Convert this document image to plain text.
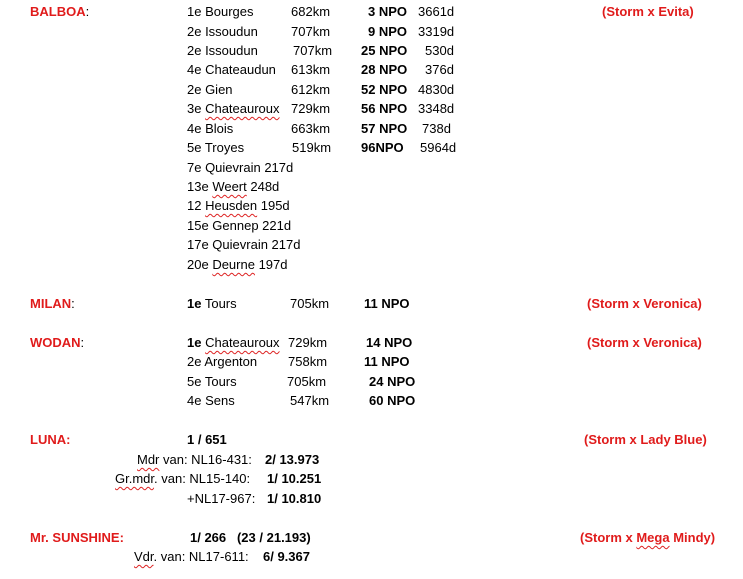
BALBOA:	(Storm x Evita)
1e Bourges	682km	3 NPO 3661d
2e Issoudun	707km	9 NPO 3319d
2e Issoudun	707km 25 NPO 530d
4e Chateaudun 613km 28 NPO 376d
2e Gien	612km 52 NPO 4830d
3e Chateauroux 729km 56 NPO 3348d
4e Blois	663km 57 NPO 738d
5e Troyes	519km 96NPO 5964d
7e Quievrain 217d
13e Weert 248d
12 Heusden 195d
15e Gennep 221d
17e Quievrain 217d
20e Deurne 197d
MILAN:	1e Tours	705km	11 NPO	(Storm x Veronica)
WODAN:	(Storm x Veronica)
1e Chateauroux 729km	14 NPO
2e Argenton 758km	11 NPO
5e Tours	705km	24 NPO
4e Sens	547km	60 NPO
LUNA:	1 / 651	(Storm x Lady Blue)
Mdr van: NL16-431: 2/ 13.973
Gr.mdr. van: NL15-140: 1/ 10.251
+NL17-967: 1/ 10.810
Mr. SUNSHINE:	1/ 266   (23 / 21.193)	(Storm x Mega Mindy)
Vdr. van: NL17-611: 6/ 9.367
